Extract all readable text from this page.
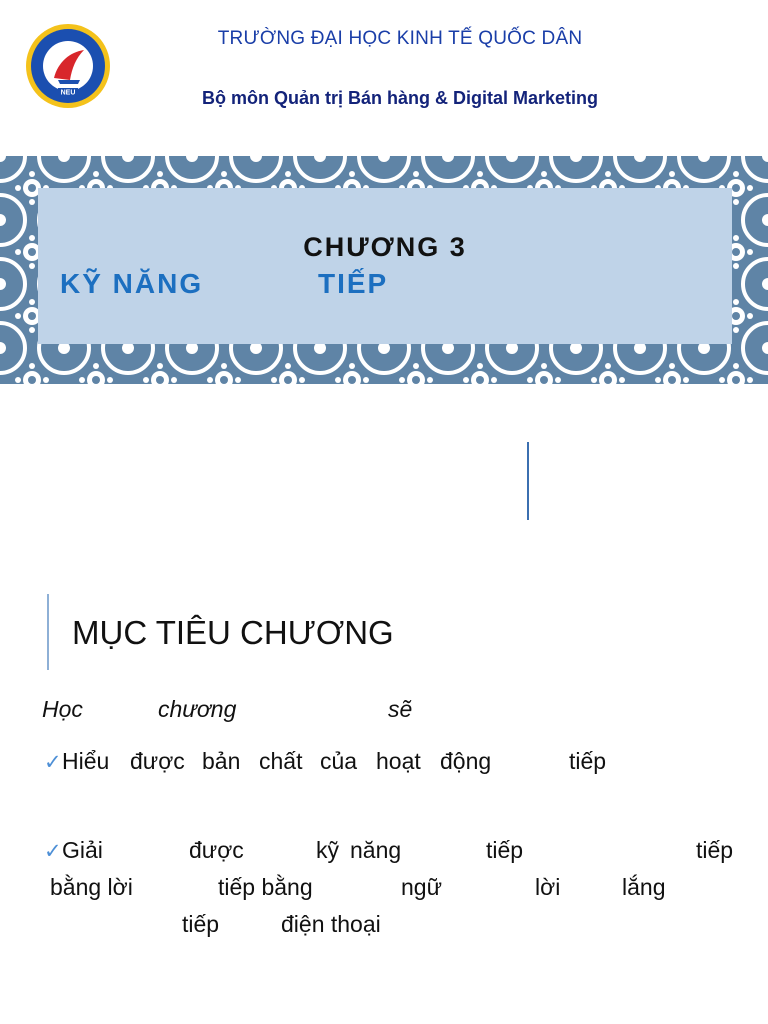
NEU
TRƯỜNG ĐẠI HỌC KINH TẾ QUỐC DÂN
Bộ môn Quản trị Bán hàng & Digital Marketing
CHƯƠNG 3
KỸ NĂNG	TIẾP
MỤC TIÊU CHƯƠNG
Học	chương	sẽ
✓ Hiểu được bản chất của hoạt động	tiếp
✓ Giải	được	kỹ năng	tiếp	tiếp
bằng lời	tiếp bằng	ngữ	lời	lắng
tiếp	điện thoại
